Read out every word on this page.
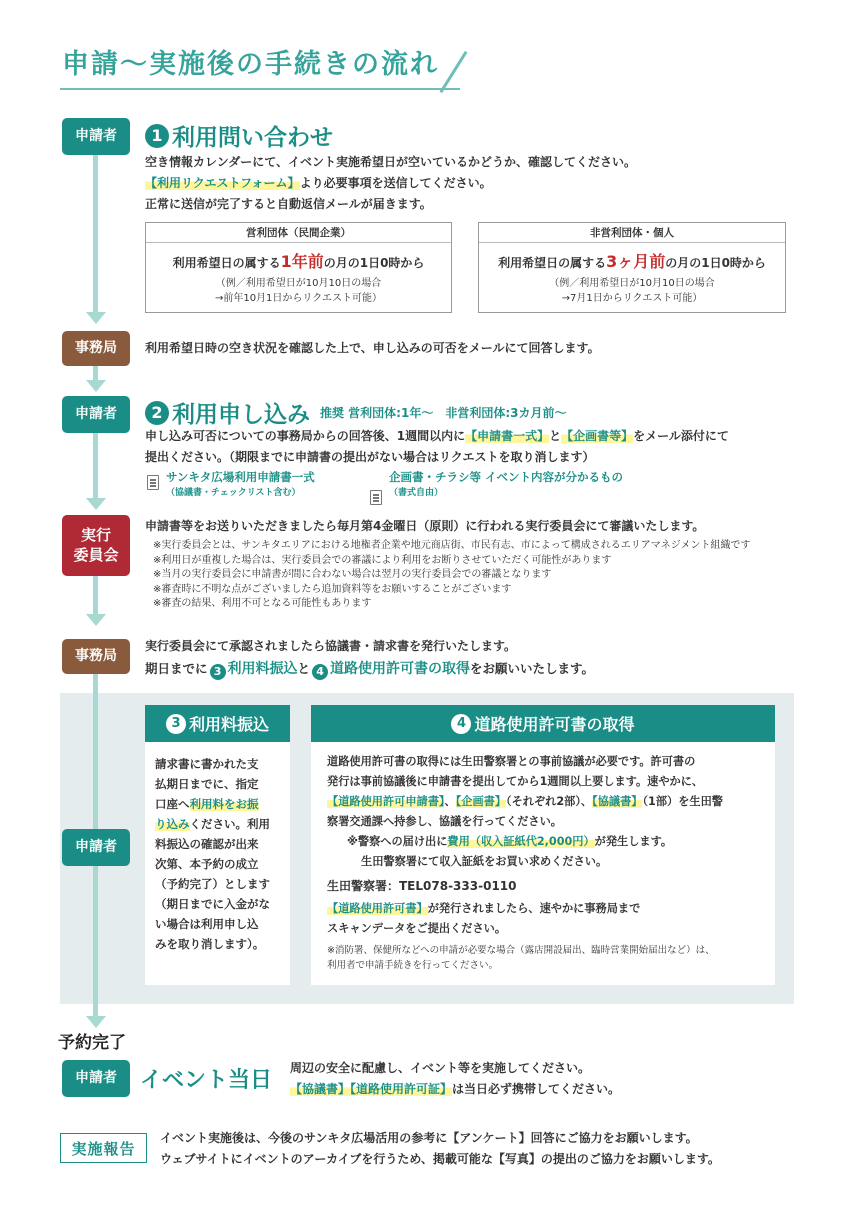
申請～実施後の手続きの流れ
申請者	1 利用問い合わせ
空き情報カレンダーにて、イベント実施希望日が空いているかどうか、確認してください。
【利用リクエストフォーム】より必要事項を送信してください。
正常に送信が完了すると自動返信メールが届きます。
営利団体（民間企業）
利用希望日の属する1年前の月の1日0時から
（例／利用希望日が10月10日の場合
→前年10月1日からリクエスト可能）
非営利団体・個人
利用希望日の属する3ヶ月前の月の1日0時から
（例／利用希望日が10月10日の場合
→7月1日からリクエスト可能）
事務局	利用希望日時の空き状況を確認した上で、申し込みの可否をメールにて回答します。
申請者	2 利用申し込み 推奨 営利団体:1年～　非営利団体:3カ月前～
申し込み可否についての事務局からの回答後、1週間以内に【申請書一式】と【企画書等】をメール添付にて
提出ください。（期限までに申請書の提出がない場合はリクエストを取り消します）
サンキタ広場利用申請書一式
（協議書・チェックリスト含む）
企画書・チラシ等 イベント内容が分かるもの
（書式自由）
実行
委員会
申請書等をお送りいただきましたら毎月第4金曜日（原則）に行われる実行委員会にて審議いたします。
※実行委員会とは、サンキタエリアにおける地権者企業や地元商店街、市民有志、市によって構成されるエリアマネジメント組織です
※利用日が重複した場合は、実行委員会での審議により利用をお断りさせていただく可能性があります
※当月の実行委員会に申請書が間に合わない場合は翌月の実行委員会での審議となります
※審査時に不明な点がございましたら追加資料等をお願いすることがございます
※審査の結果、利用不可となる可能性もあります
事務局
実行委員会にて承認されましたら協議書・請求書を発行いたします。
期日までに 3 利用料振込と 4 道路使用許可書の取得をお願いいたします。
3 利用料振込
請求書に書かれた支
払期日までに、指定
口座へ利用料をお振
り込みください。利用
料振込の確認が出来
次第、本予約の成立
（予約完了）とします
（期日までに入金がな
い場合は利用申し込
みを取り消します）。
申請者
4 道路使用許可書の取得
道路使用許可書の取得には生田警察署との事前協議が必要です。許可書の
発行は事前協議後に申請書を提出してから1週間以上要します。速やかに、
【道路使用許可申請書】、【企画書】（それぞれ2部）、【協議書】（1部）を生田警
察署交通課へ持参し、協議を行ってください。
※警察への届け出に費用（収入証紙代2,000円）が発生します。
生田警察署にて収入証紙をお買い求めください。
生田警察署：TEL078-333-0110
【道路使用許可書】が発行されましたら、速やかに事務局まで
スキャンデータをご提出ください。
※消防署、保健所などへの申請が必要な場合（露店開設届出、臨時営業開始届出など）は、
利用者で申請手続きを行ってください。
予約完了
申請者	イベント当日 周辺の安全に配慮し、イベント等を実施してください。
【協議書】【道路使用許可証】は当日必ず携帯してください。
実施報告
イベント実施後は、今後のサンキタ広場活用の参考に【アンケート】回答にご協力をお願いします。
ウェブサイトにイベントのアーカイブを行うため、掲載可能な【写真】の提出のご協力をお願いします。
